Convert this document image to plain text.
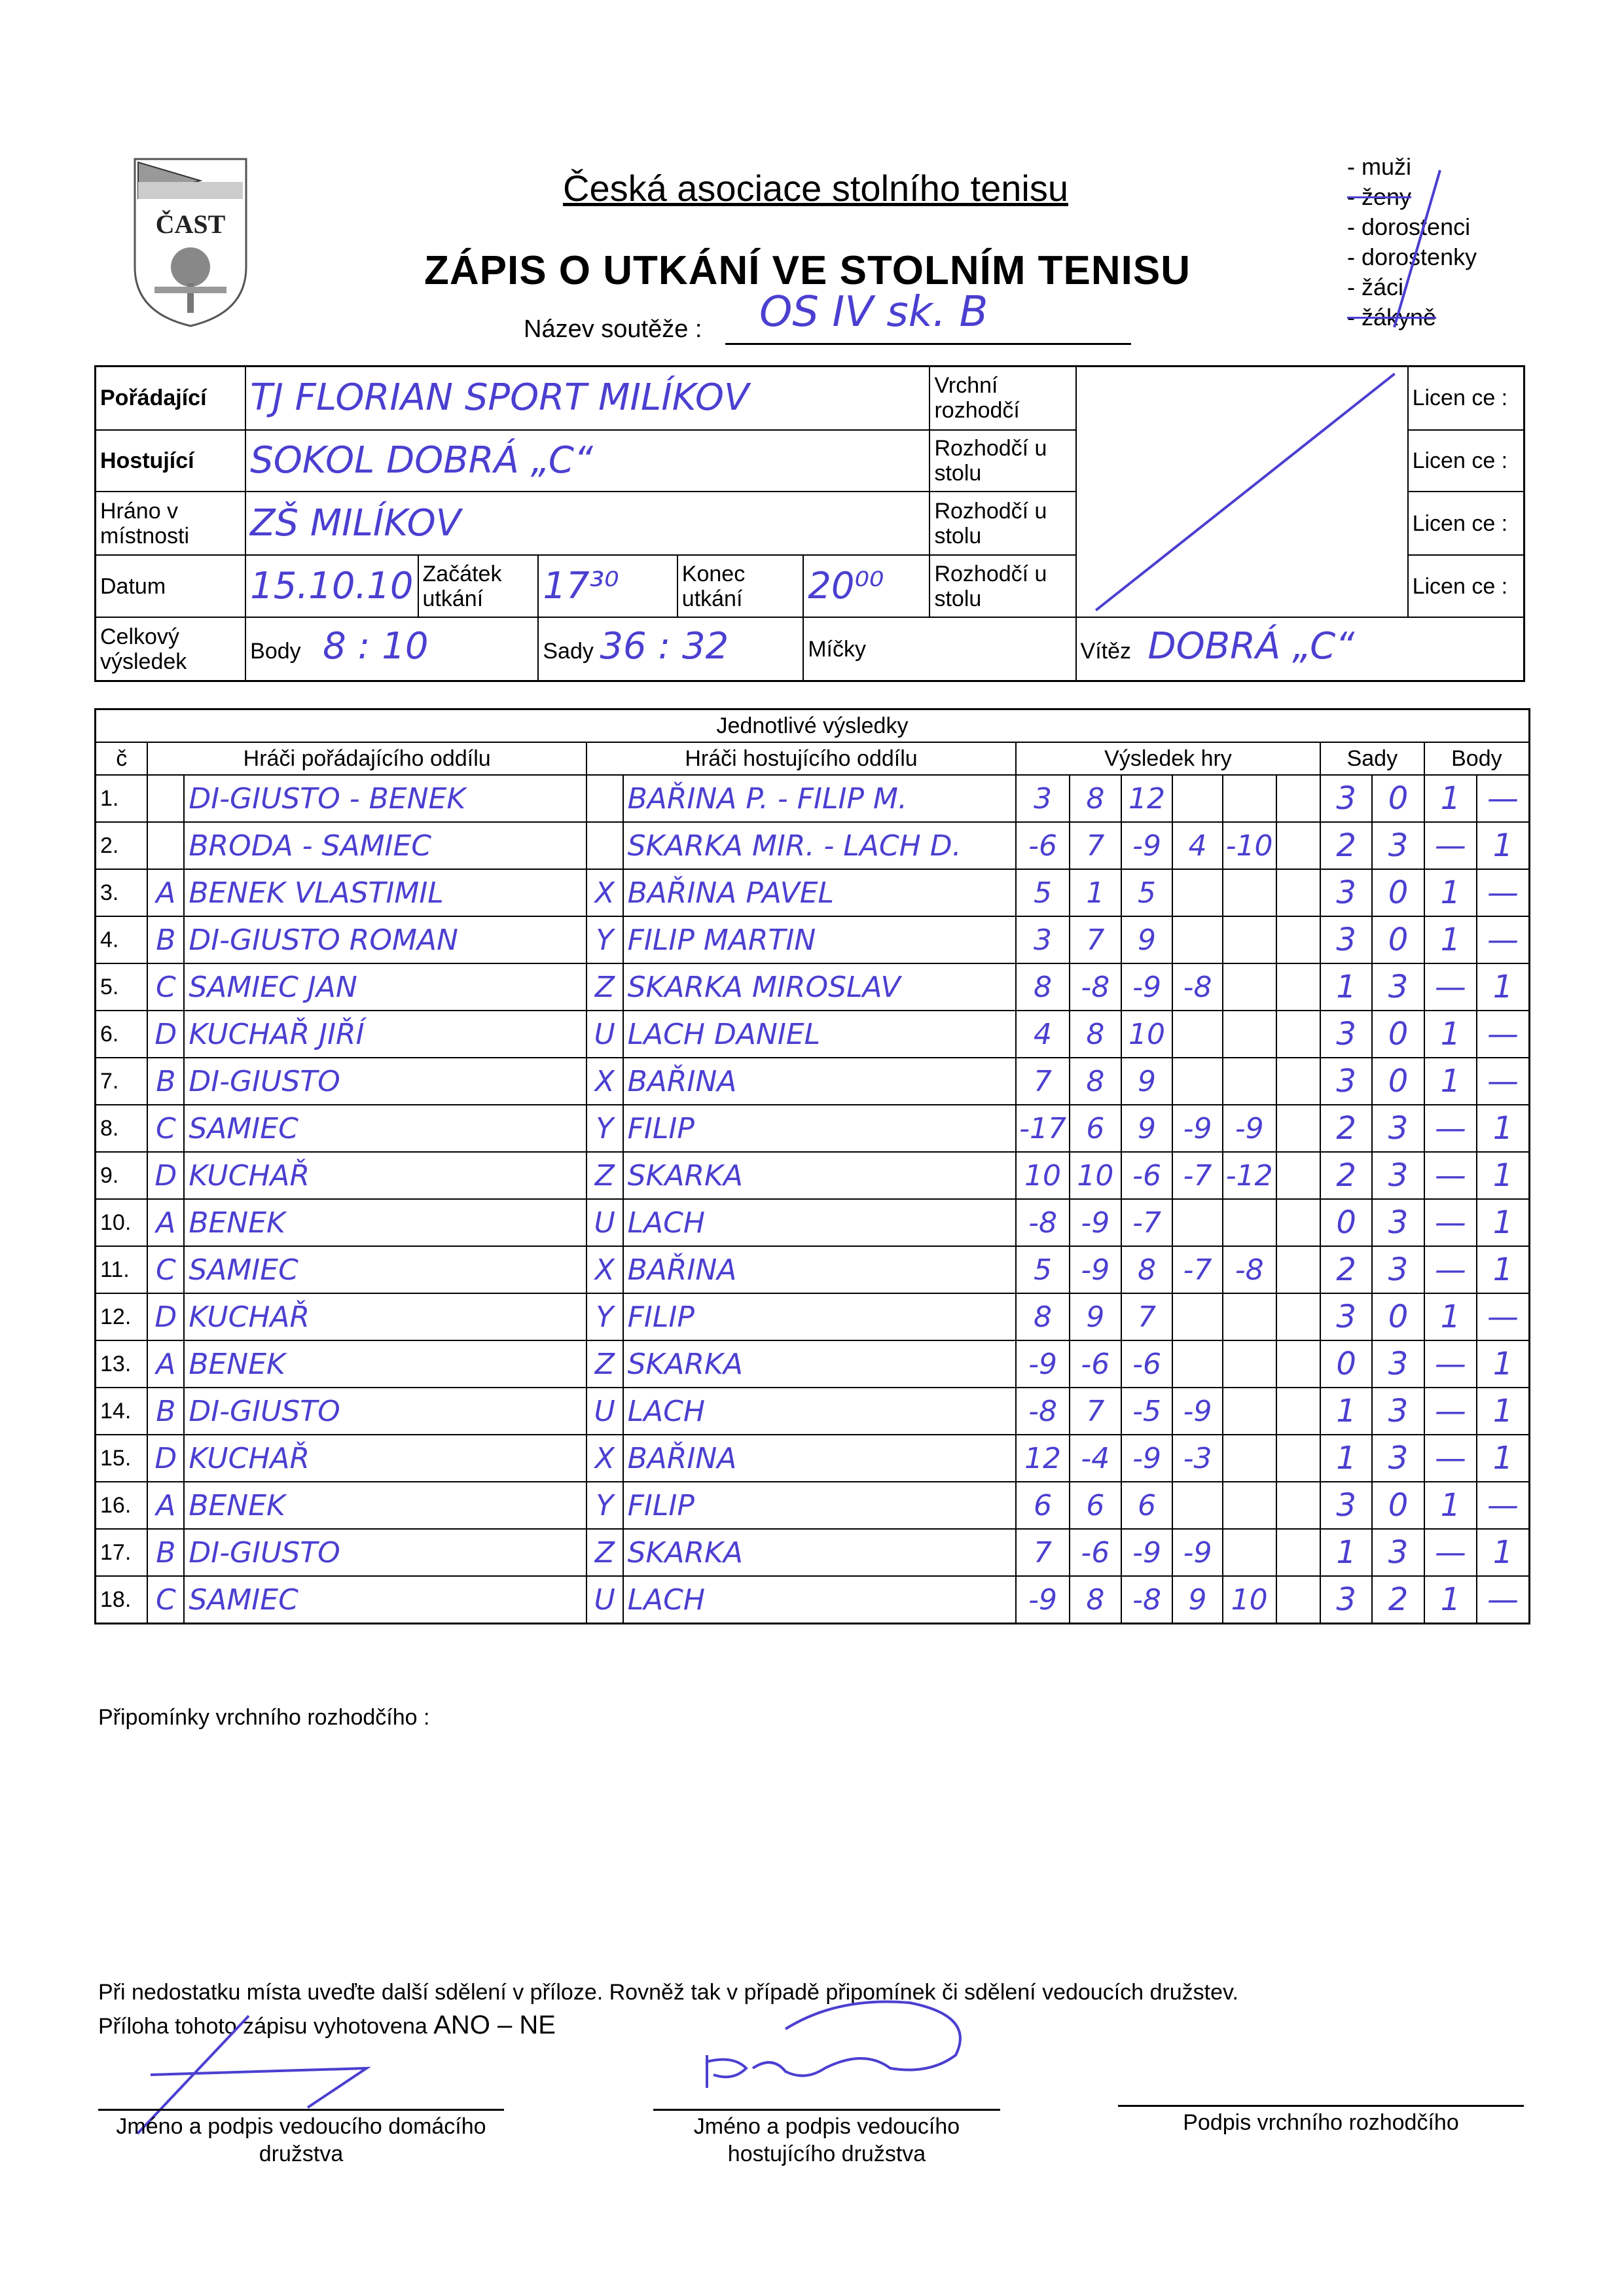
ČAST
Česká asociace stolního tenisu
ZÁPIS O UTKÁNÍ VE STOLNÍM TENISU
Název soutěže : OS IV sk. B
- muži
- ženy
- dorostenci
- dorostenky
- žáci
- žákyně
Pořádající	TJ FLORIAN SPORT MILÍKOV					Vrchní rozhodčí		Licen ce :
Hostující	SOKOL DOBRÁ „C“					Rozhodčí u stolu		Licen ce :
Hráno v místnosti	ZŠ MILÍKOV					Rozhodčí u stolu		Licen ce :
Datum	15.10.10	Začátek utkání	17³⁰	Konec utkání	20⁰⁰	Rozhodčí u stolu		Licen ce :
Celkový výsledek	Body 8 : 10		Sady 36 : 32		Míčky		Vítěz DOBRÁ „C“	
Jednotlivé výsledky														
č	Hráči pořádajícího oddílu		Hráči hostujícího oddílu		Výsledek hry						Sady		Body	
1.		DI-GIUSTO - BENEK		BAŘINA P. - FILIP M.	3	8	12				3	0	1	—
2.		BRODA - SAMIEC		SKARKA MIR. - LACH D.	-6	7	-9	4	-10		2	3	—	1
3.	A	BENEK VLASTIMIL	X	BAŘINA PAVEL	5	1	5				3	0	1	—
4.	B	DI-GIUSTO ROMAN	Y	FILIP MARTIN	3	7	9				3	0	1	—
5.	C	SAMIEC JAN	Z	SKARKA MIROSLAV	8	-8	-9	-8			1	3	—	1
6.	D	KUCHAŘ JIŘÍ	U	LACH DANIEL	4	8	10				3	0	1	—
7.	B	DI-GIUSTO	X	BAŘINA	7	8	9				3	0	1	—
8.	C	SAMIEC	Y	FILIP	-17	6	9	-9	-9		2	3	—	1
9.	D	KUCHAŘ	Z	SKARKA	10	10	-6	-7	-12		2	3	—	1
10.	A	BENEK	U	LACH	-8	-9	-7				0	3	—	1
11.	C	SAMIEC	X	BAŘINA	5	-9	8	-7	-8		2	3	—	1
12.	D	KUCHAŘ	Y	FILIP	8	9	7				3	0	1	—
13.	A	BENEK	Z	SKARKA	-9	-6	-6				0	3	—	1
14.	B	DI-GIUSTO	U	LACH	-8	7	-5	-9			1	3	—	1
15.	D	KUCHAŘ	X	BAŘINA	12	-4	-9	-3			1	3	—	1
16.	A	BENEK	Y	FILIP	6	6	6				3	0	1	—
17.	B	DI-GIUSTO	Z	SKARKA	7	-6	-9	-9			1	3	—	1
18.	C	SAMIEC	U	LACH	-9	8	-8	9	10		3	2	1	—
Připomínky vrchního rozhodčího :
Při nedostatku místa uveďte další sdělení v příloze. Rovněž tak v případě připomínek či sdělení vedoucích družstev.
Příloha tohoto zápisu vyhotovena ANO – NE
Jméno a podpis vedoucího domácího družstva
Jméno a podpis vedoucího hostujícího družstva
Podpis vrchního rozhodčího
